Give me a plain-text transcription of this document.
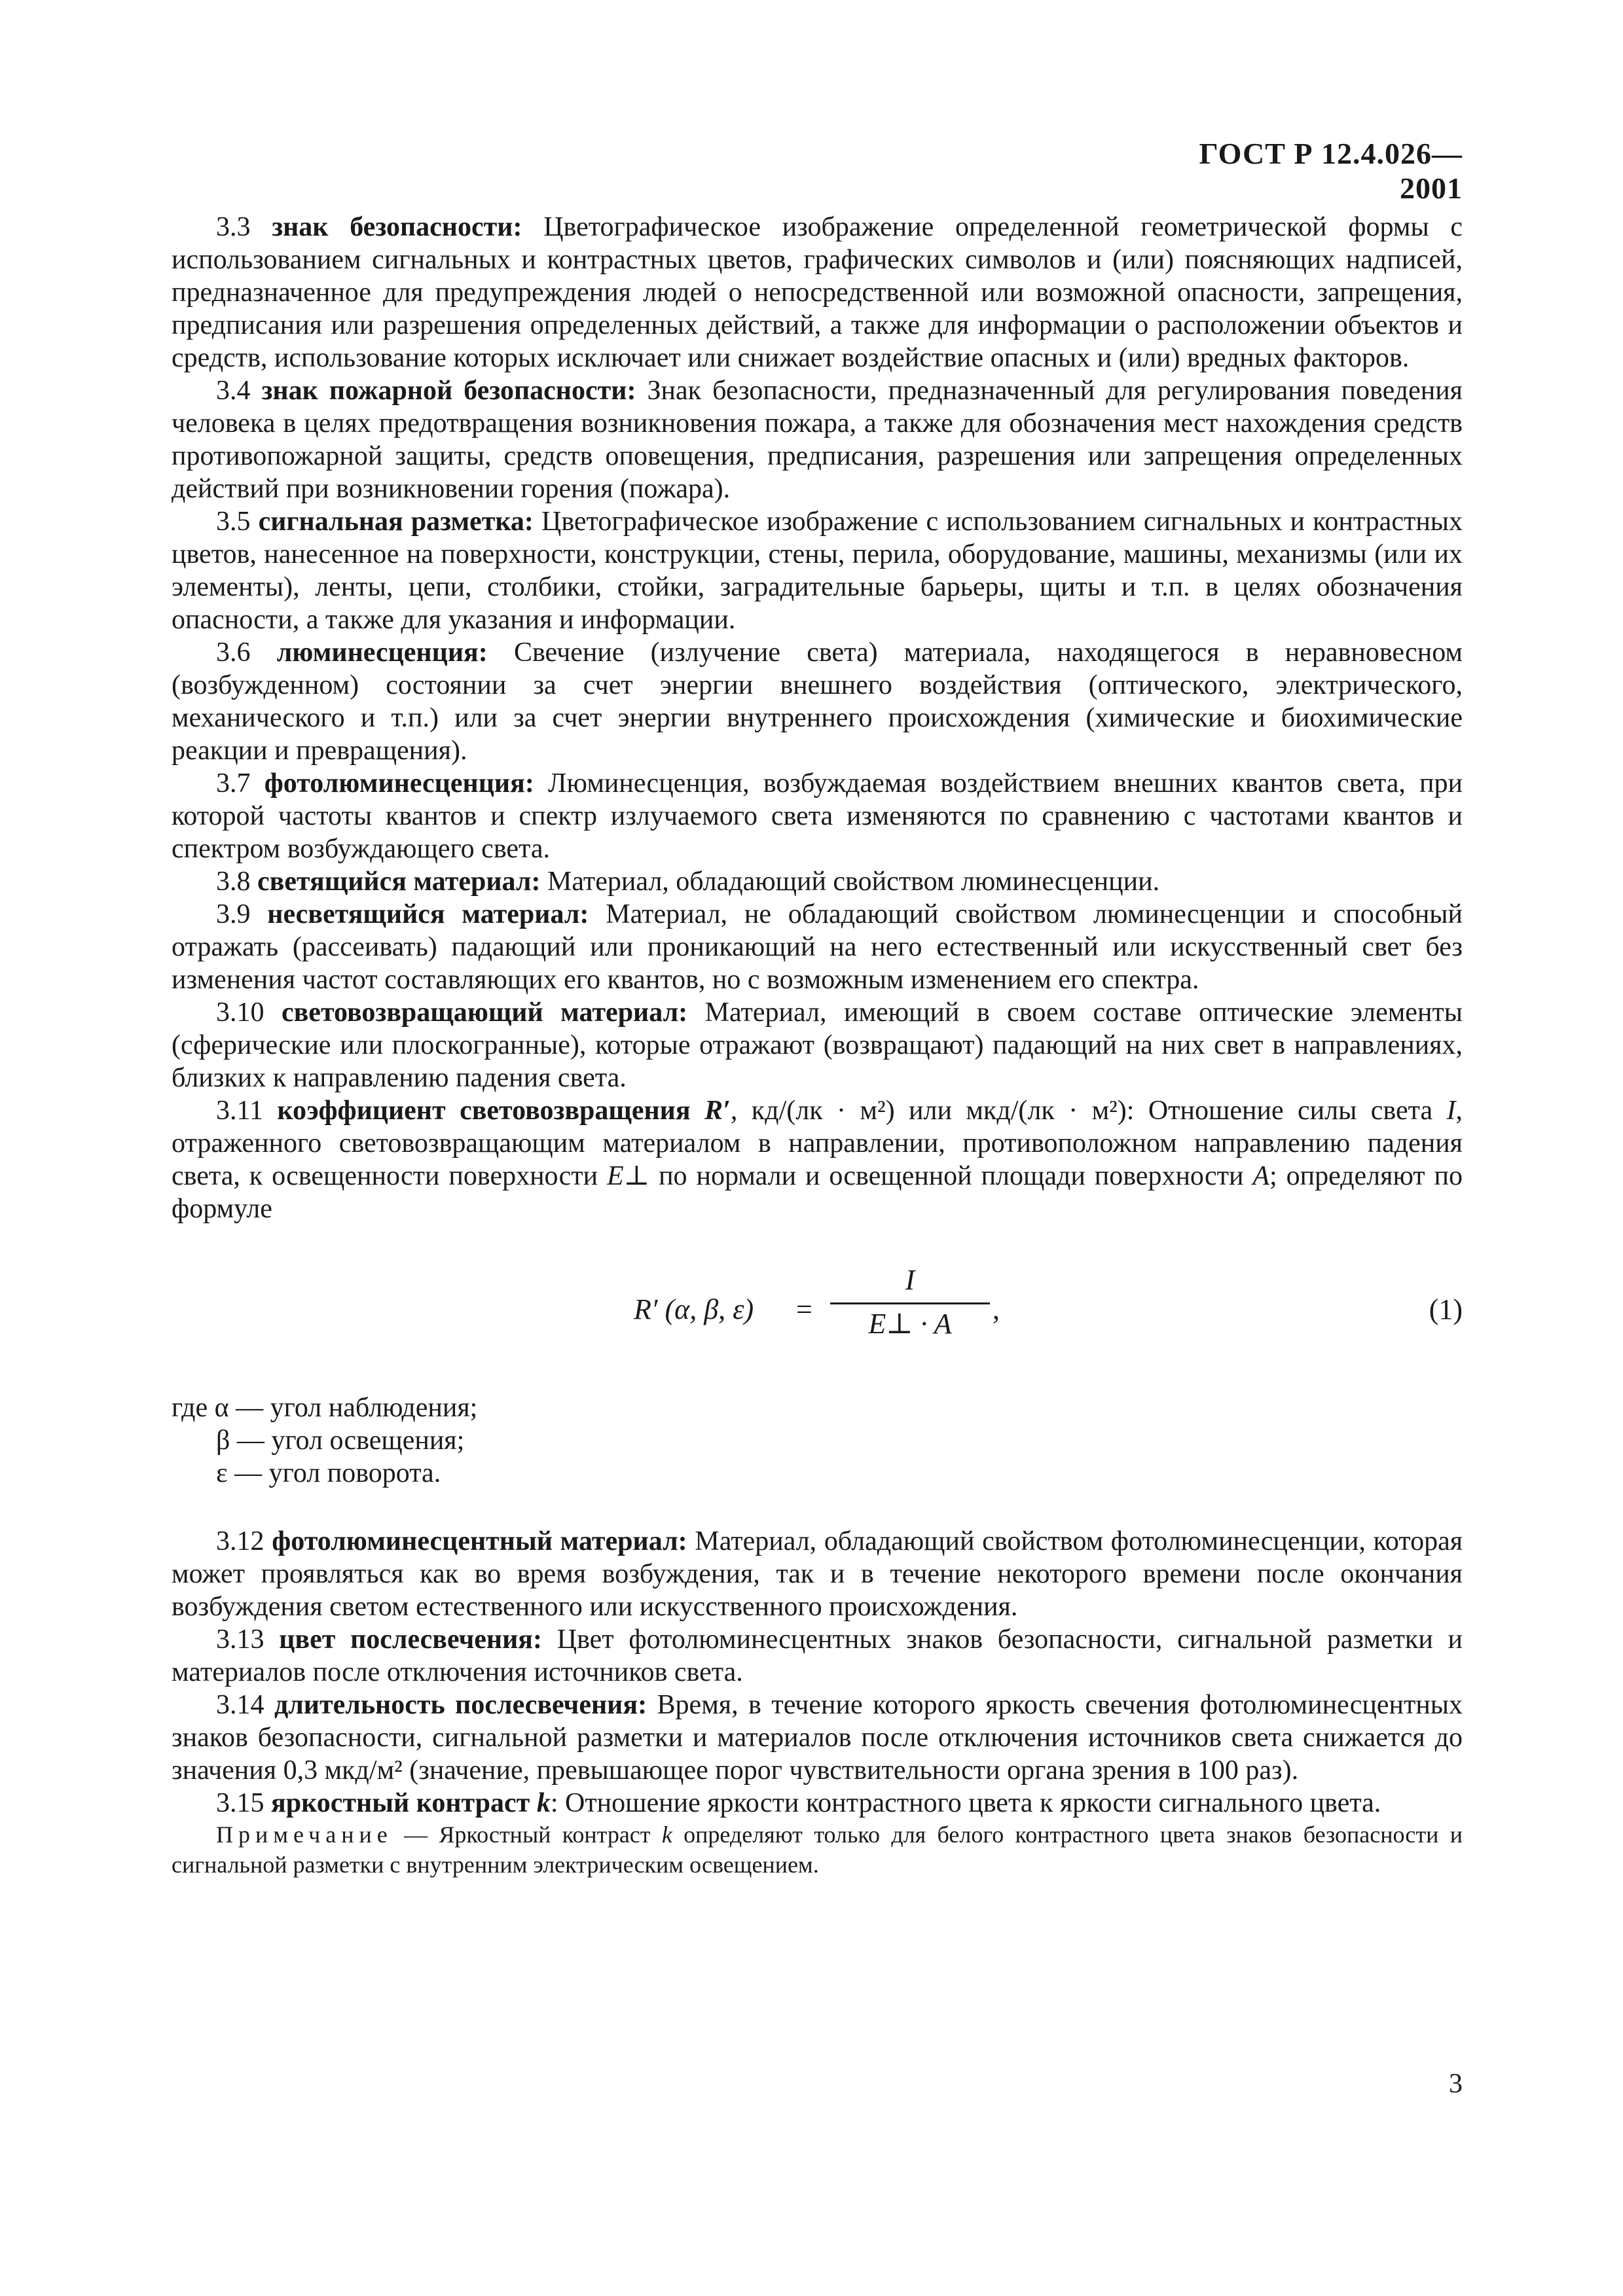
ГОСТ Р 12.4.026—2001

3.3 знак безопасности: Цветографическое изображение определенной геометрической формы с использованием сигнальных и контрастных цветов, графических символов и (или) поясняющих надписей, предназначенное для предупреждения людей о непосредственной или возможной опасности, запрещения, предписания или разрешения определенных действий, а также для информации о расположении объектов и средств, использование которых исключает или снижает воздействие опасных и (или) вредных факторов.

3.4 знак пожарной безопасности: Знак безопасности, предназначенный для регулирования поведения человека в целях предотвращения возникновения пожара, а также для обозначения мест нахождения средств противопожарной защиты, средств оповещения, предписания, разрешения или запрещения определенных действий при возникновении горения (пожара).

3.5 сигнальная разметка: Цветографическое изображение с использованием сигнальных и контрастных цветов, нанесенное на поверхности, конструкции, стены, перила, оборудование, машины, механизмы (или их элементы), ленты, цепи, столбики, стойки, заградительные барьеры, щиты и т.п. в целях обозначения опасности, а также для указания и информации.

3.6 люминесценция: Свечение (излучение света) материала, находящегося в неравновесном (возбужденном) состоянии за счет энергии внешнего воздействия (оптического, электрического, механического и т.п.) или за счет энергии внутреннего происхождения (химические и биохимические реакции и превращения).

3.7 фотолюминесценция: Люминесценция, возбуждаемая воздействием внешних квантов света, при которой частоты квантов и спектр излучаемого света изменяются по сравнению с частотами квантов и спектром возбуждающего света.

3.8 светящийся материал: Материал, обладающий свойством люминесценции.

3.9 несветящийся материал: Материал, не обладающий свойством люминесценции и способный отражать (рассеивать) падающий или проникающий на него естественный или искусственный свет без изменения частот составляющих его квантов, но с возможным изменением его спектра.

3.10 световозвращающий материал: Материал, имеющий в своем составе оптические элементы (сферические или плоскогранные), которые отражают (возвращают) падающий на них свет в направлениях, близких к направлению падения света.

3.11 коэффициент световозвращения R′, кд/(лк · м²) или мкд/(лк · м²): Отношение силы света I, отраженного световозвращающим материалом в направлении, противоположном направлению падения света, к освещенности поверхности E⊥ по нормали и освещенной площади поверхности A; определяют по формуле

R′ (α, β, ε) =
I
E⊥ · A	,	(1)

где α — угол наблюдения;

β — угол освещения;

ε — угол поворота.

3.12 фотолюминесцентный материал: Материал, обладающий свойством фотолюминесценции, которая может проявляться как во время возбуждения, так и в течение некоторого времени после окончания возбуждения светом естественного или искусственного происхождения.

3.13 цвет послесвечения: Цвет фотолюминесцентных знаков безопасности, сигнальной разметки и материалов после отключения источников света.

3.14 длительность послесвечения: Время, в течение которого яркость свечения фотолюминесцентных знаков безопасности, сигнальной разметки и материалов после отключения источников света снижается до значения 0,3 мкд/м² (значение, превышающее порог чувствительности органа зрения в 100 раз).

3.15 яркостный контраст k: Отношение яркости контрастного цвета к яркости сигнального цвета.

Примечание — Яркостный контраст k определяют только для белого контрастного цвета знаков безопасности и сигнальной разметки с внутренним электрическим освещением.

3
